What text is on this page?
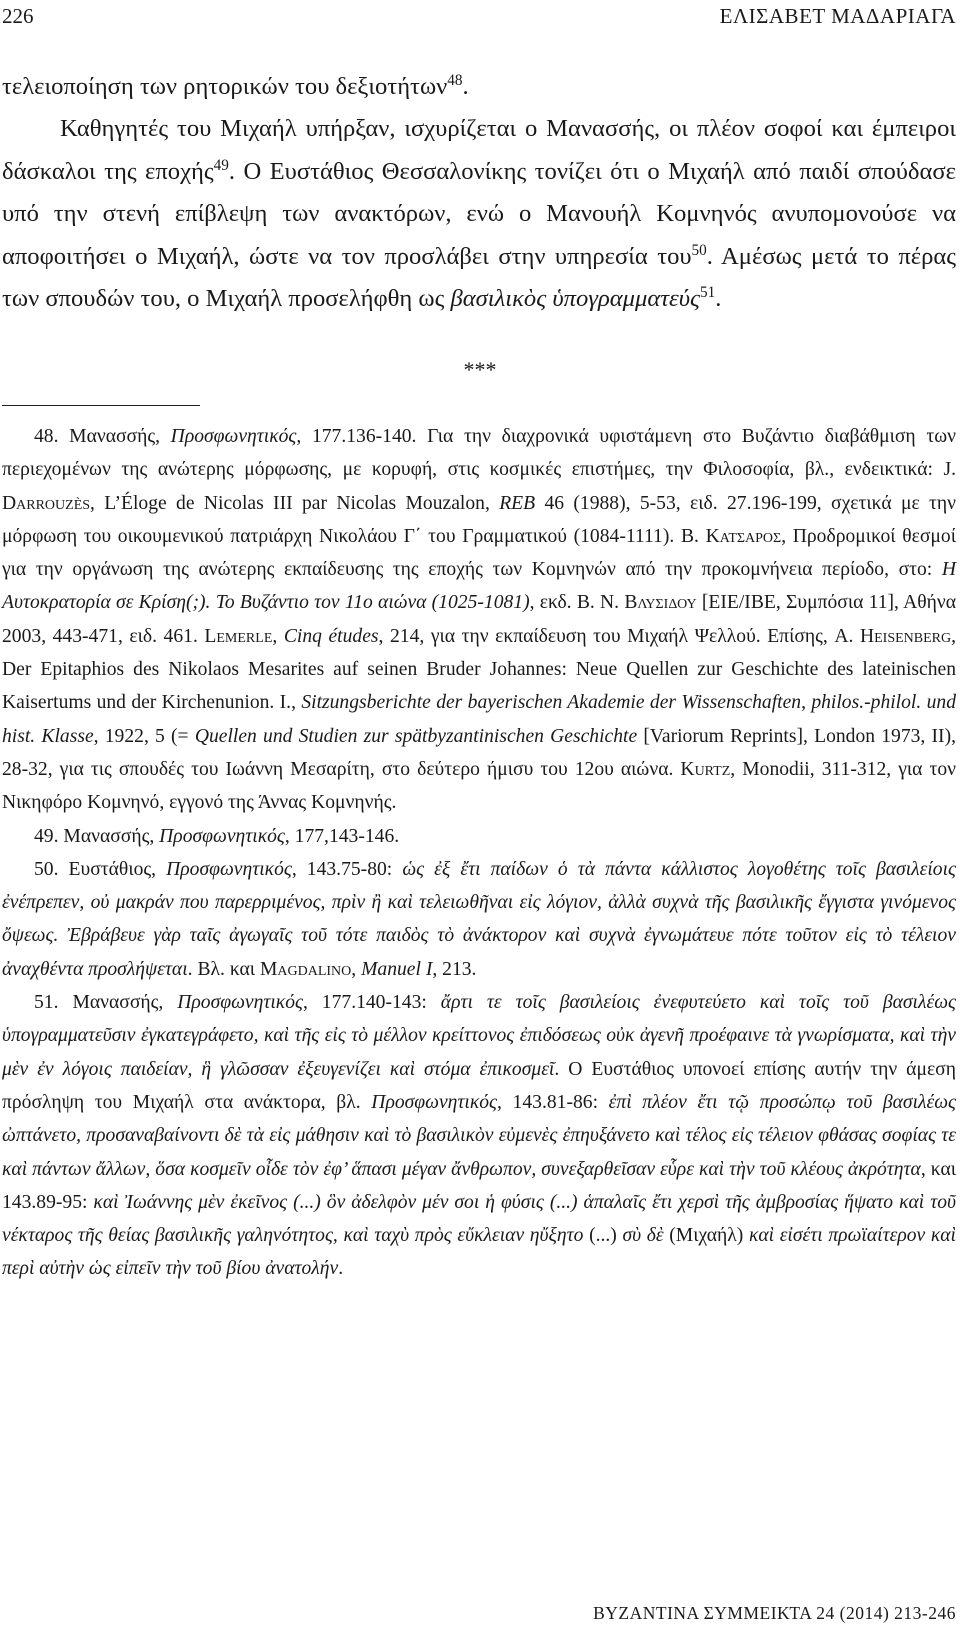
226	ΕΛΙΣΑΒΕΤ ΜΑΔΑΡΙΑΓΑ

τελειοποίηση των ρητορικών του δεξιοτήτων$^{48}$.

Καθηγητές του Μιχαήλ υπήρξαν, ισχυρίζεται ο Μανασσής, οι πλέον σοφοί και έμπειροι δάσκαλοι της εποχής$^{49}$. Ο Ευστάθιος Θεσσαλονίκης τονίζει ότι ο Μιχαήλ από παιδί σπούδασε υπό την στενή επίβλεψη των ανακτόρων, ενώ ο Μανουήλ Κομνηνός ανυπομονούσε να αποφοιτήσει ο Μιχαήλ, ώστε να τον προσλάβει στην υπηρεσία του$^{50}$. Αμέσως μετά το πέρας των σπουδών του, ο Μιχαήλ προσελήφθη ως βασιλικὸς ὑπογραμματεύς$^{51}$.

***

48. Μανασσής, Προσφωνητικός, 177.136-140. Για την διαχρονικά υφιστάμενη στο Βυζάντιο διαβάθμιση των περιεχομένων της ανώτερης μόρφωσης, με κορυφή, στις κοσμικές επιστήμες, την Φιλοσοφία, βλ., ενδεικτικά: J. Darrouzès, L’Éloge de Nicolas III par Nicolas Mouzalon, REB 46 (1988), 5-53, ειδ. 27.196-199, σχετικά με την μόρφωση του οικουμενικού πατριάρχη Νικολάου Γ΄ του Γραμματικού (1084-1111). Β. Κατσαρος, Προδρομικοί θεσμοί για την οργάνωση της ανώτερης εκπαίδευσης της εποχής των Κομνηνών από την προκομνήνεια περίοδο, στο: Η Αυτοκρατορία σε Κρίση(;). Το Βυζάντιο τον 11ο αιώνα (1025-1081), εκδ. Β. Ν. Βλυσιδου [ΕΙΕ/ΙΒΕ, Συμπόσια 11], Αθήνα 2003, 443-471, ειδ. 461. Lemerle, Cinq études, 214, για την εκπαίδευση του Μιχαήλ Ψελλού. Επίσης, A. Heisenberg, Der Epitaphios des Nikolaos Mesarites auf seinen Bruder Johannes: Neue Quellen zur Geschichte des lateinischen Kaisertums und der Kirchenunion. I., Sitzungsberichte der bayerischen Akademie der Wissenschaften, philos.-philol. und hist. Klasse, 1922, 5 (= Quellen und Studien zur spätbyzantinischen Geschichte [Variorum Reprints], London 1973, II), 28-32, για τις σπουδές του Ιωάννη Μεσαρίτη, στο δεύτερο ήμισυ του 12ου αιώνα. Kurtz, Monodii, 311-312, για τον Νικηφόρο Κομνηνό, εγγονό της Άννας Κομνηνής.

49. Μανασσής, Προσφωνητικός, 177,143-146.

50. Ευστάθιος, Προσφωνητικός, 143.75-80: ὡς ἐξ ἔτι παίδων ὁ τὰ πάντα κάλλιστος λογοθέτης τοῖς βασιλείοις ἐνέπρεπεν, οὐ μακράν που παρερριμένος, πρὶν ἢ καὶ τελειωθῆναι εἰς λόγιον, ἀλλὰ συχνὰ τῆς βασιλικῆς ἔγγιστα γινόμενος ὄψεως. Ἐβράβευε γὰρ ταῖς ἀγωγαῖς τοῦ τότε παιδὸς τὸ ἀνάκτορον καὶ συχνὰ ἐγνωμάτευε πότε τοῦτον εἰς τὸ τέλειον ἀναχθέντα προσλήψεται. Βλ. και Magdalino, Manuel I, 213.

51. Μανασσής, Προσφωνητικός, 177.140-143: ἄρτι τε τοῖς βασιλείοις ἐνεφυτεύετο καὶ τοῖς τοῦ βασιλέως ὑπογραμματεῦσιν ἐγκατεγράφετο, καὶ τῆς εἰς τὸ μέλλον κρείττονος ἐπιδόσεως οὐκ ἀγενῆ προέφαινε τὰ γνωρίσματα, καὶ τὴν μὲν ἐν λόγοις παιδείαν, ἣ γλῶσσαν ἐξευγενίζει καὶ στόμα ἐπικοσμεῖ. Ο Ευστάθιος υπονοεί επίσης αυτήν την άμεση πρόσληψη του Μιχαήλ στα ανάκτορα, βλ. Προσφωνητικός, 143.81-86: ἐπὶ πλέον ἔτι τῷ προσώπῳ τοῦ βασιλέως ὠπτάνετο, προσαναβαίνοντι δὲ τὰ εἰς μάθησιν καὶ τὸ βασιλικὸν εὐμενὲς ἐπηυξάνετο καὶ τέλος εἰς τέλειον φθάσας σοφίας τε καὶ πάντων ἄλλων, ὅσα κοσμεῖν οἶδε τὸν ἐφ’ ἅπασι μέγαν ἄνθρωπον, συνεξαρθεῖσαν εὗρε καὶ τὴν τοῦ κλέους ἀκρότητα, και 143.89-95: καὶ Ἰωάννης μὲν ἐκεῖνος (...) ὃν ἀδελφὸν μέν σοι ἡ φύσις (...) ἁπαλαῖς ἔτι χερσὶ τῆς ἀμβροσίας ἥψατο καὶ τοῦ νέκταρος τῆς θείας βασιλικῆς γαληνότητος, καὶ ταχὺ πρὸς εὔκλειαν ηὔξητο (...) σὺ δὲ (Μιχαήλ) καὶ εἰσέτι πρωϊαίτερον καὶ περὶ αὐτὴν ὡς εἰπεῖν τὴν τοῦ βίου ἀνατολήν.

BYZANTINA ΣΥΜΜΕΙΚΤΑ 24 (2014) 213-246
